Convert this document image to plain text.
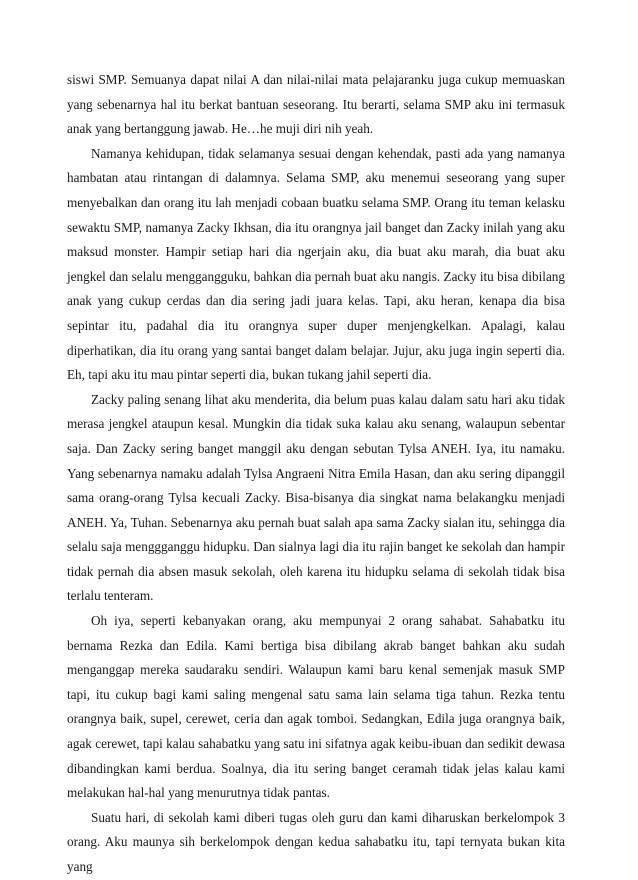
siswi SMP. Semuanya dapat nilai A dan nilai-nilai mata pelajaranku juga cukup memuaskan yang sebenarnya hal itu berkat bantuan seseorang. Itu berarti, selama SMP aku ini termasuk anak yang bertanggung jawab. He…he muji diri nih yeah.

Namanya kehidupan, tidak selamanya sesuai dengan kehendak, pasti ada yang namanya hambatan atau rintangan di dalamnya. Selama SMP, aku menemui seseorang yang super menyebalkan dan orang itu lah menjadi cobaan buatku selama SMP. Orang itu teman kelasku sewaktu SMP, namanya Zacky Ikhsan, dia itu orangnya jail banget dan Zacky inilah yang aku maksud monster. Hampir setiap hari dia ngerjain aku, dia buat aku marah, dia buat aku jengkel dan selalu menggangguku, bahkan dia pernah buat aku nangis. Zacky itu bisa dibilang anak yang cukup cerdas dan dia sering jadi juara kelas. Tapi, aku heran, kenapa dia bisa sepintar itu, padahal dia itu orangnya super duper menjengkelkan. Apalagi, kalau diperhatikan, dia itu orang yang santai banget dalam belajar. Jujur, aku juga ingin seperti dia. Eh, tapi aku itu mau pintar seperti dia, bukan tukang jahil seperti dia.

Zacky paling senang lihat aku menderita, dia belum puas kalau dalam satu hari aku tidak merasa jengkel ataupun kesal. Mungkin dia tidak suka kalau aku senang, walaupun sebentar saja. Dan Zacky sering banget manggil aku dengan sebutan Tylsa ANEH. Iya, itu namaku. Yang sebenarnya namaku adalah Tylsa Angraeni Nitra Emila Hasan, dan aku sering dipanggil sama orang-orang Tylsa kecuali Zacky. Bisa-bisanya dia singkat nama belakangku menjadi ANEH. Ya, Tuhan. Sebenarnya aku pernah buat salah apa sama Zacky sialan itu, sehingga dia selalu saja menggganggu hidupku. Dan sialnya lagi dia itu rajin banget ke sekolah dan hampir tidak pernah dia absen masuk sekolah, oleh karena itu hidupku selama di sekolah tidak bisa terlalu tenteram.

Oh iya, seperti kebanyakan orang, aku mempunyai 2 orang sahabat. Sahabatku itu bernama Rezka dan Edila. Kami bertiga bisa dibilang akrab banget bahkan aku sudah menganggap mereka saudaraku sendiri. Walaupun kami baru kenal semenjak masuk SMP tapi, itu cukup bagi kami saling mengenal satu sama lain selama tiga tahun. Rezka tentu orangnya baik, supel, cerewet, ceria dan agak tomboi. Sedangkan, Edila juga orangnya baik, agak cerewet, tapi kalau sahabatku yang satu ini sifatnya agak keibu-ibuan dan sedikit dewasa dibandingkan kami berdua. Soalnya, dia itu sering banget ceramah tidak jelas kalau kami melakukan hal-hal yang menurutnya tidak pantas.

Suatu hari, di sekolah kami diberi tugas oleh guru dan kami diharuskan berkelompok 3 orang. Aku maunya sih berkelompok dengan kedua sahabatku itu, tapi ternyata bukan kita yang
